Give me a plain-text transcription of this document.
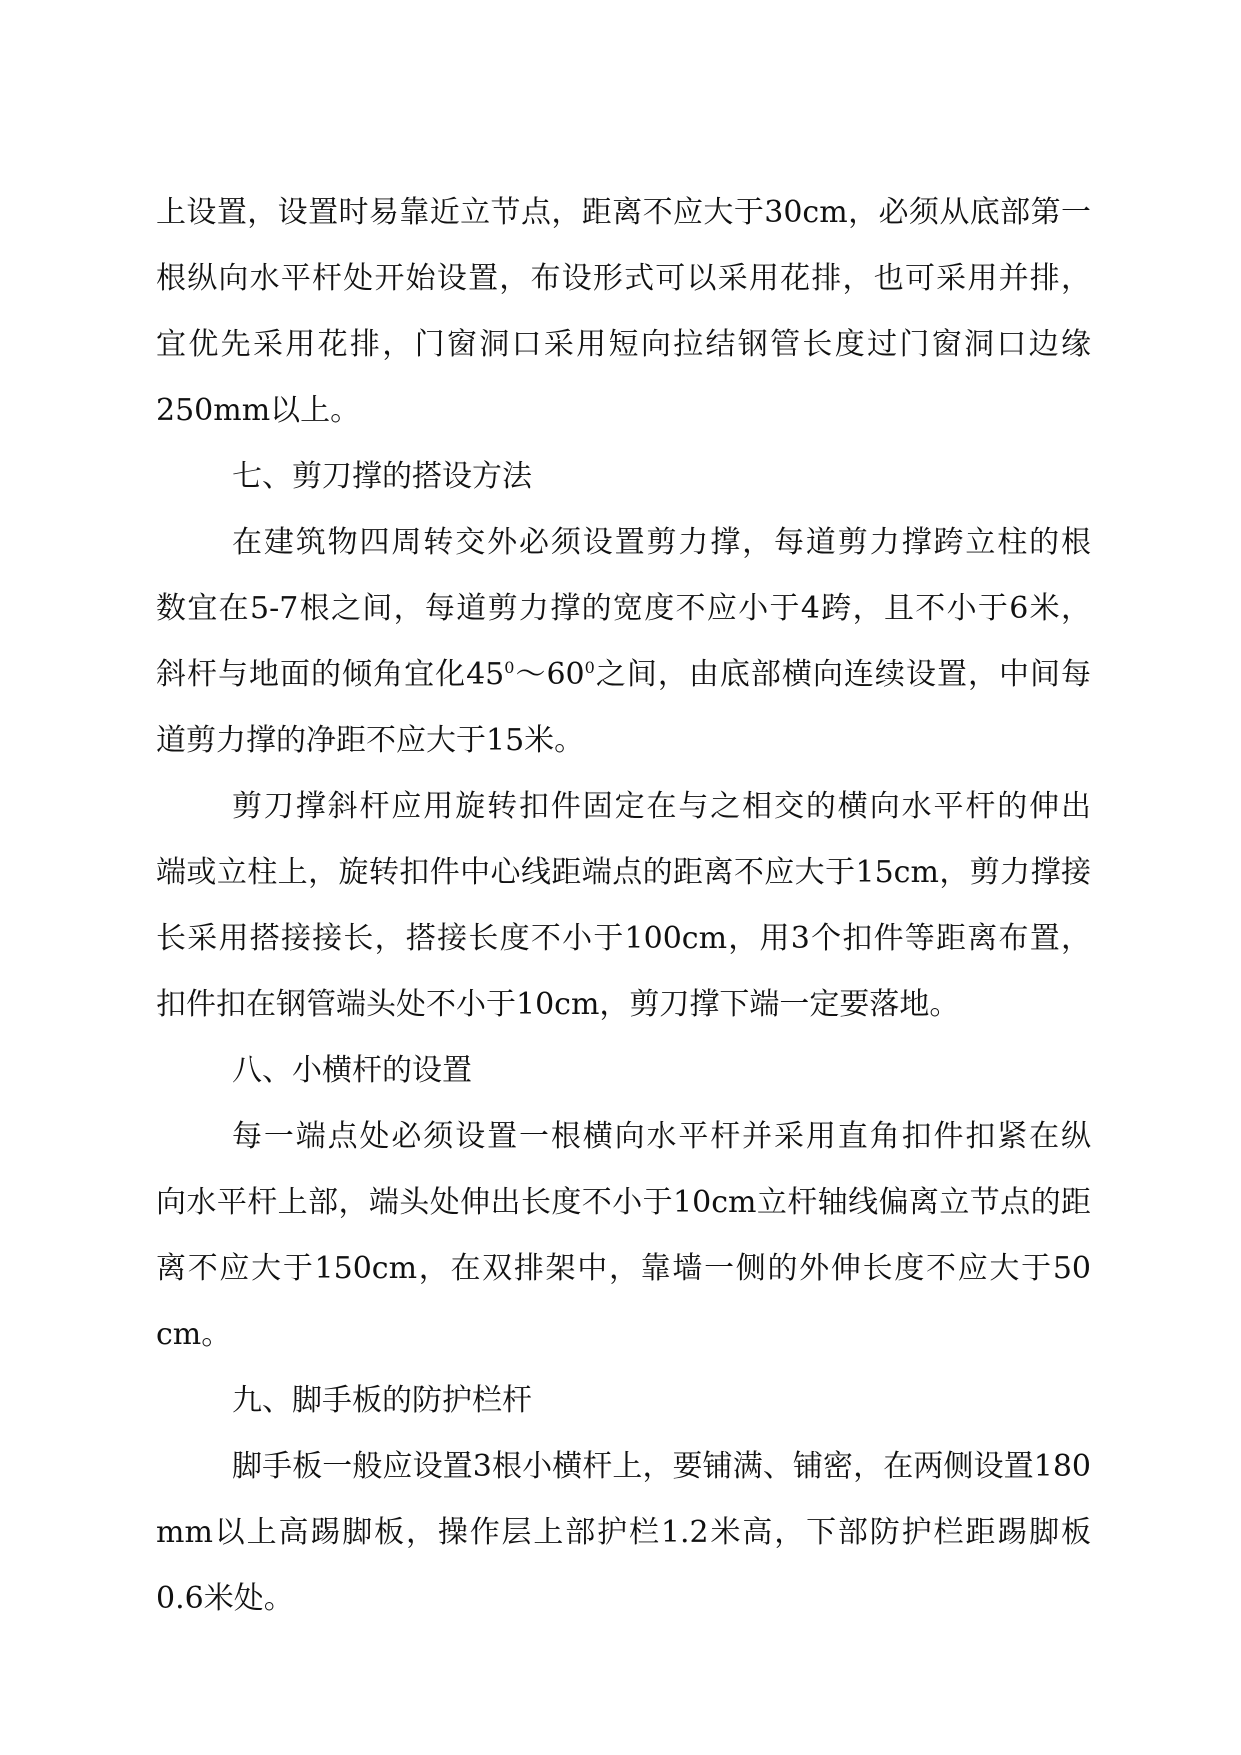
上设置，设置时易靠近立节点，距离不应大于30cm，必须从底部第一
根纵向水平杆处开始设置，布设形式可以采用花排，也可采用并排，
宜优先采用花排，门窗洞口采用短向拉结钢管长度过门窗洞口边缘
250mm以上。
七、剪刀撑的搭设方法
在建筑物四周转交外必须设置剪力撑，每道剪力撑跨立柱的根
数宜在5-7根之间，每道剪力撑的宽度不应小于4跨，且不小于6米，
斜杆与地面的倾角宜化$45^0\sim 60^0$之间，由底部横向连续设置，中间每
道剪力撑的净距不应大于15米。
剪刀撑斜杆应用旋转扣件固定在与之相交的横向水平杆的伸出
端或立柱上，旋转扣件中心线距端点的距离不应大于15cm，剪力撑接
长采用搭接接长，搭接长度不小于100cm，用3个扣件等距离布置，
扣件扣在钢管端头处不小于10cm，剪刀撑下端一定要落地。
八、小横杆的设置
每一端点处必须设置一根横向水平杆并采用直角扣件扣紧在纵
向水平杆上部，端头处伸出长度不小于10cm立杆轴线偏离立节点的距
离不应大于150cm，在双排架中，靠墙一侧的外伸长度不应大于50
cm。
九、脚手板的防护栏杆
脚手板一般应设置3根小横杆上，要铺满、铺密，在两侧设置180
mm以上高踢脚板，操作层上部护栏1.2米高，下部防护栏距踢脚板
0.6米处。
